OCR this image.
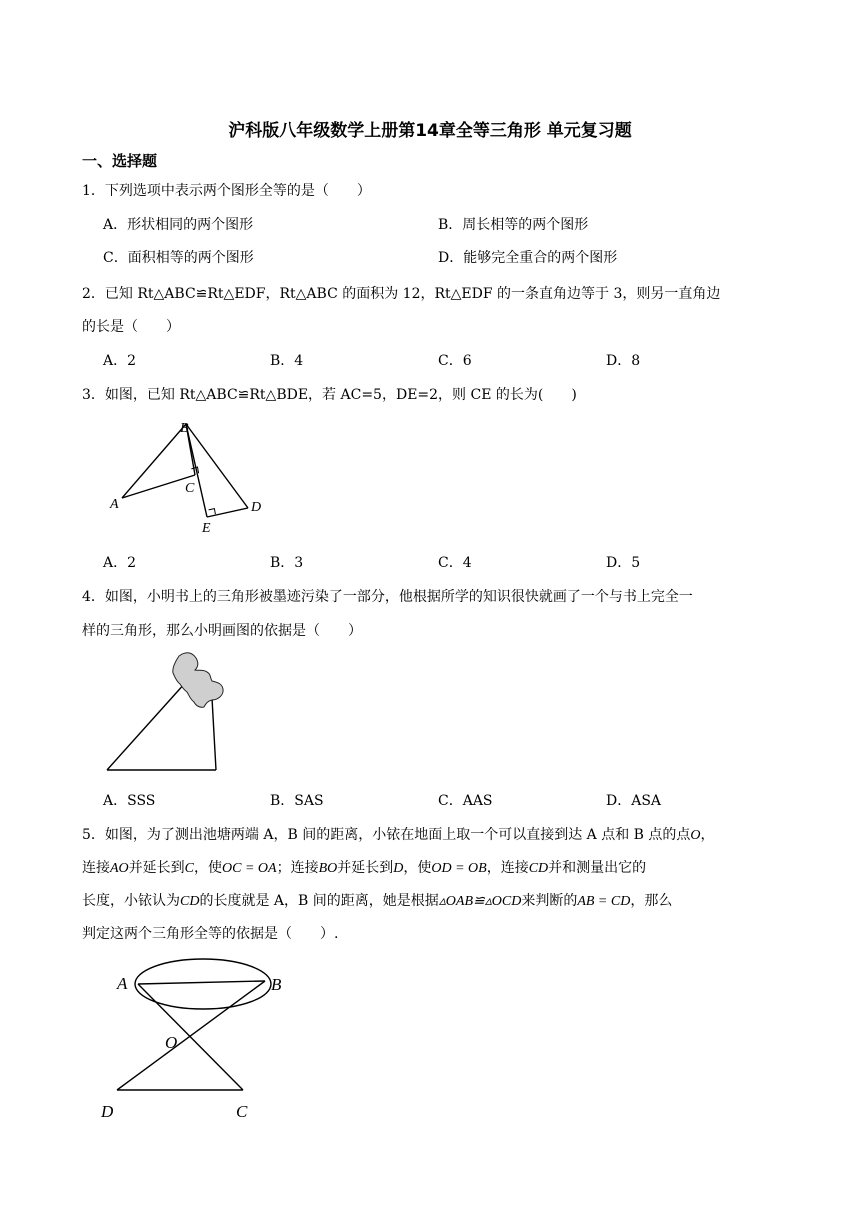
沪科版八年级数学上册第14章全等三角形 单元复习题
一、选择题
1．下列选项中表示两个图形全等的是（　　）
A．形状相同的两个图形	B．周长相等的两个图形
C．面积相等的两个图形	D．能够完全重合的两个图形
2．已知 Rt△ABC≌Rt△EDF，Rt△ABC 的面积为 12，Rt△EDF 的一条直角边等于 3，则另一直角边
的长是（　　）
A．2	B．4	C．6	D．8
3．如图，已知 Rt△ABC≌Rt△BDE，若 AC=5，DE=2，则 CE 的长为(　　)
B
C
A	D
E
A．2	B．3	C．4	D．5
4．如图，小明书上的三角形被墨迹污染了一部分，他根据所学的知识很快就画了一个与书上完全一
样的三角形，那么小明画图的依据是（　　）
A．SSS	B．SAS	C．AAS	D．ASA
5．如图，为了测出池塘两端 A，B 间的距离，小铱在地面上取一个可以直接到达 A 点和 B 点的点O，
连接AO并延长到C，使OC = OA；连接BO并延长到D，使OD = OB，连接CD并和测量出它的
长度，小铱认为CD的长度就是 A，B 间的距离，她是根据▵OAB≌▵OCD来判断的AB = CD，那么
判定这两个三角形全等的依据是（　　）.
A	B
O
D	C
